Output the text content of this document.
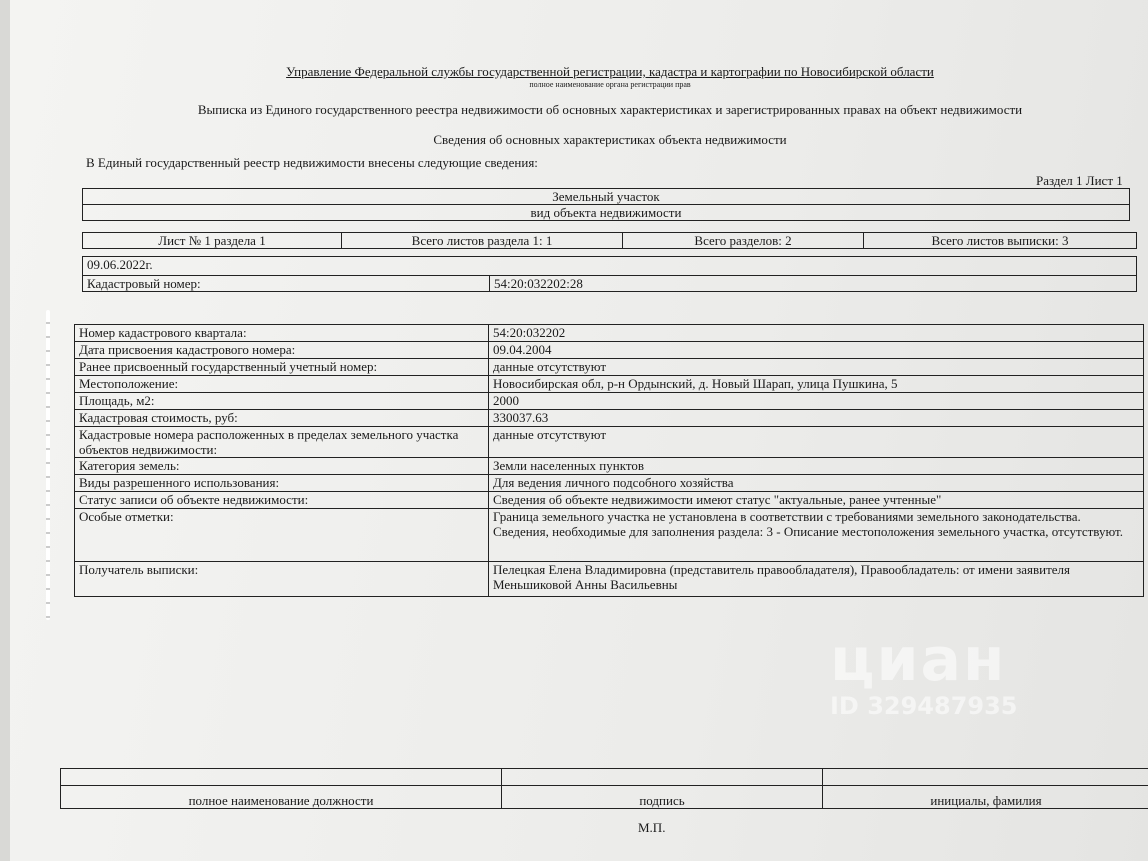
Управление Федеральной службы государственной регистрации, кадастра и картографии по Новосибирской области
полное наименование органа регистрации прав
Выписка из Единого государственного реестра недвижимости об основных характеристиках и зарегистрированных правах на объект недвижимости
Сведения об основных характеристиках объекта недвижимости
В Единый государственный реестр недвижимости внесены следующие сведения:
Раздел 1 Лист 1
Земельный участок
вид объекта недвижимости
Лист № 1 раздела 1	Всего листов раздела 1: 1	Всего разделов: 2	Всего листов выписки: 3
09.06.2022г.
Кадастровый номер:	54:20:032202:28
Номер кадастрового квартала:	54:20:032202
Дата присвоения кадастрового номера:	09.04.2004
Ранее присвоенный государственный учетный номер:	данные отсутствуют
Местоположение:	Новосибирская обл, р-н Ордынский, д. Новый Шарап, улица Пушкина, 5
Площадь, м2:	2000
Кадастровая стоимость, руб:	330037.63
Кадастровые номера расположенных в пределах земельного участка объектов недвижимости:	данные отсутствуют
Категория земель:	Земли населенных пунктов
Виды разрешенного использования:	Для ведения личного подсобного хозяйства
Статус записи об объекте недвижимости:	Сведения об объекте недвижимости имеют статус "актуальные, ранее учтенные"
Особые отметки:	Граница земельного участка не установлена в соответствии с требованиями земельного законодательства. Сведения, необходимые для заполнения раздела: 3 - Описание местоположения земельного участка, отсутствуют.
Получатель выписки:	Пелецкая Елена Владимировна (представитель правообладателя), Правообладатель: от имени заявителя Меньшиковой Анны Васильевны

полное наименование должности	подпись	инициалы, фамилия
М.П.
циан
ID 329487935
